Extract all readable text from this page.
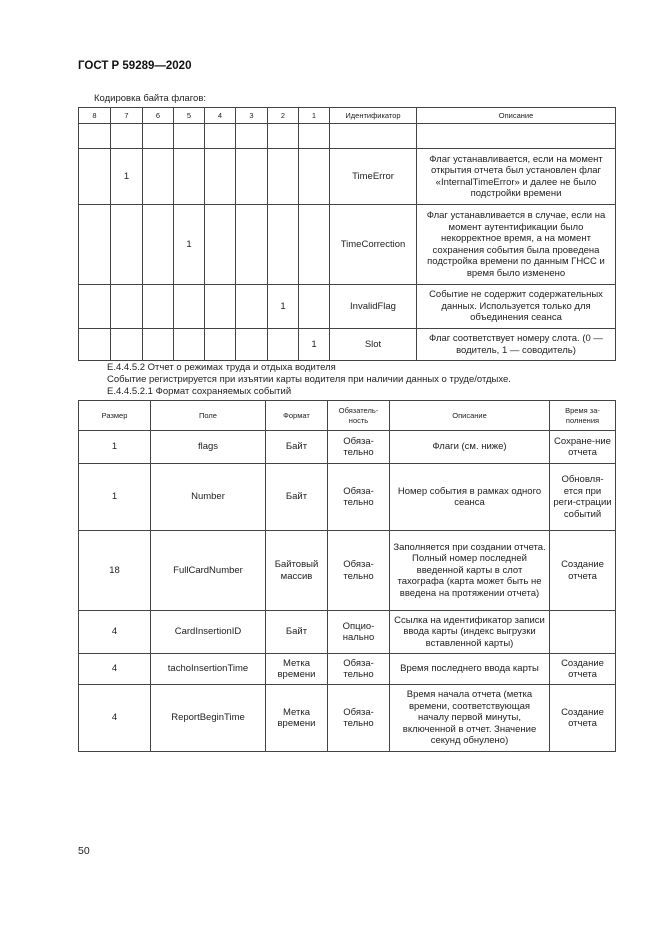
ГОСТ Р 59289—2020
Кодировка байта флагов:
8	7	6	5	4	3	2	1	Идентификатор	Описание

	1							TimeError	Флаг устанавливается, если на момент открытия отчета был установлен флаг «InternalTimeError» и далее не было подстройки времени
			1					TimeCorrection	Флаг устанавливается в случае, если на момент аутентификации было некорректное время, а на момент сохранения события была проведена подстройка времени по данным ГНСС и время было изменено
						1		InvalidFlag	Событие не содержит содержательных данных. Используется только для объединения сеанса
							1	Slot	Флаг соответствует номеру слота. (0 — водитель, 1 — соводитель)
Е.4.4.5.2 Отчет о режимах труда и отдыха водителя
Событие регистрируется при изъятии карты водителя при наличии данных о труде/отдыхе.
Е.4.4.5.2.1 Формат сохраняемых событий
Размер	Поле	Формат	Обязатель-ность	Описание	Время за-полнения
1	flags	Байт	Обяза-тельно	Флаги (см. ниже)	Сохране-ние отчета
1	Number	Байт	Обяза-тельно	Номер события в рамках одного сеанса	Обновля-ется при реги-страции событий
18	FullCardNumber	Байтовый массив	Обяза-тельно	Заполняется при создании отчета. Полный номер последней введенной карты в слот тахографа (карта может быть не введена на протяжении отчета)	Создание отчета
4	CardInsertionID	Байт	Опцио-нально	Ссылка на идентификатор записи ввода карты (индекс выгрузки вставленной карты)	
4	tachoInsertionTime	Метка времени	Обяза-тельно	Время последнего ввода карты	Создание отчета
4	ReportBeginTime	Метка времени	Обяза-тельно	Время начала отчета (метка времени, соответствующая началу первой минуты, включенной в отчет. Значение секунд обнулено)	Создание отчета
50
